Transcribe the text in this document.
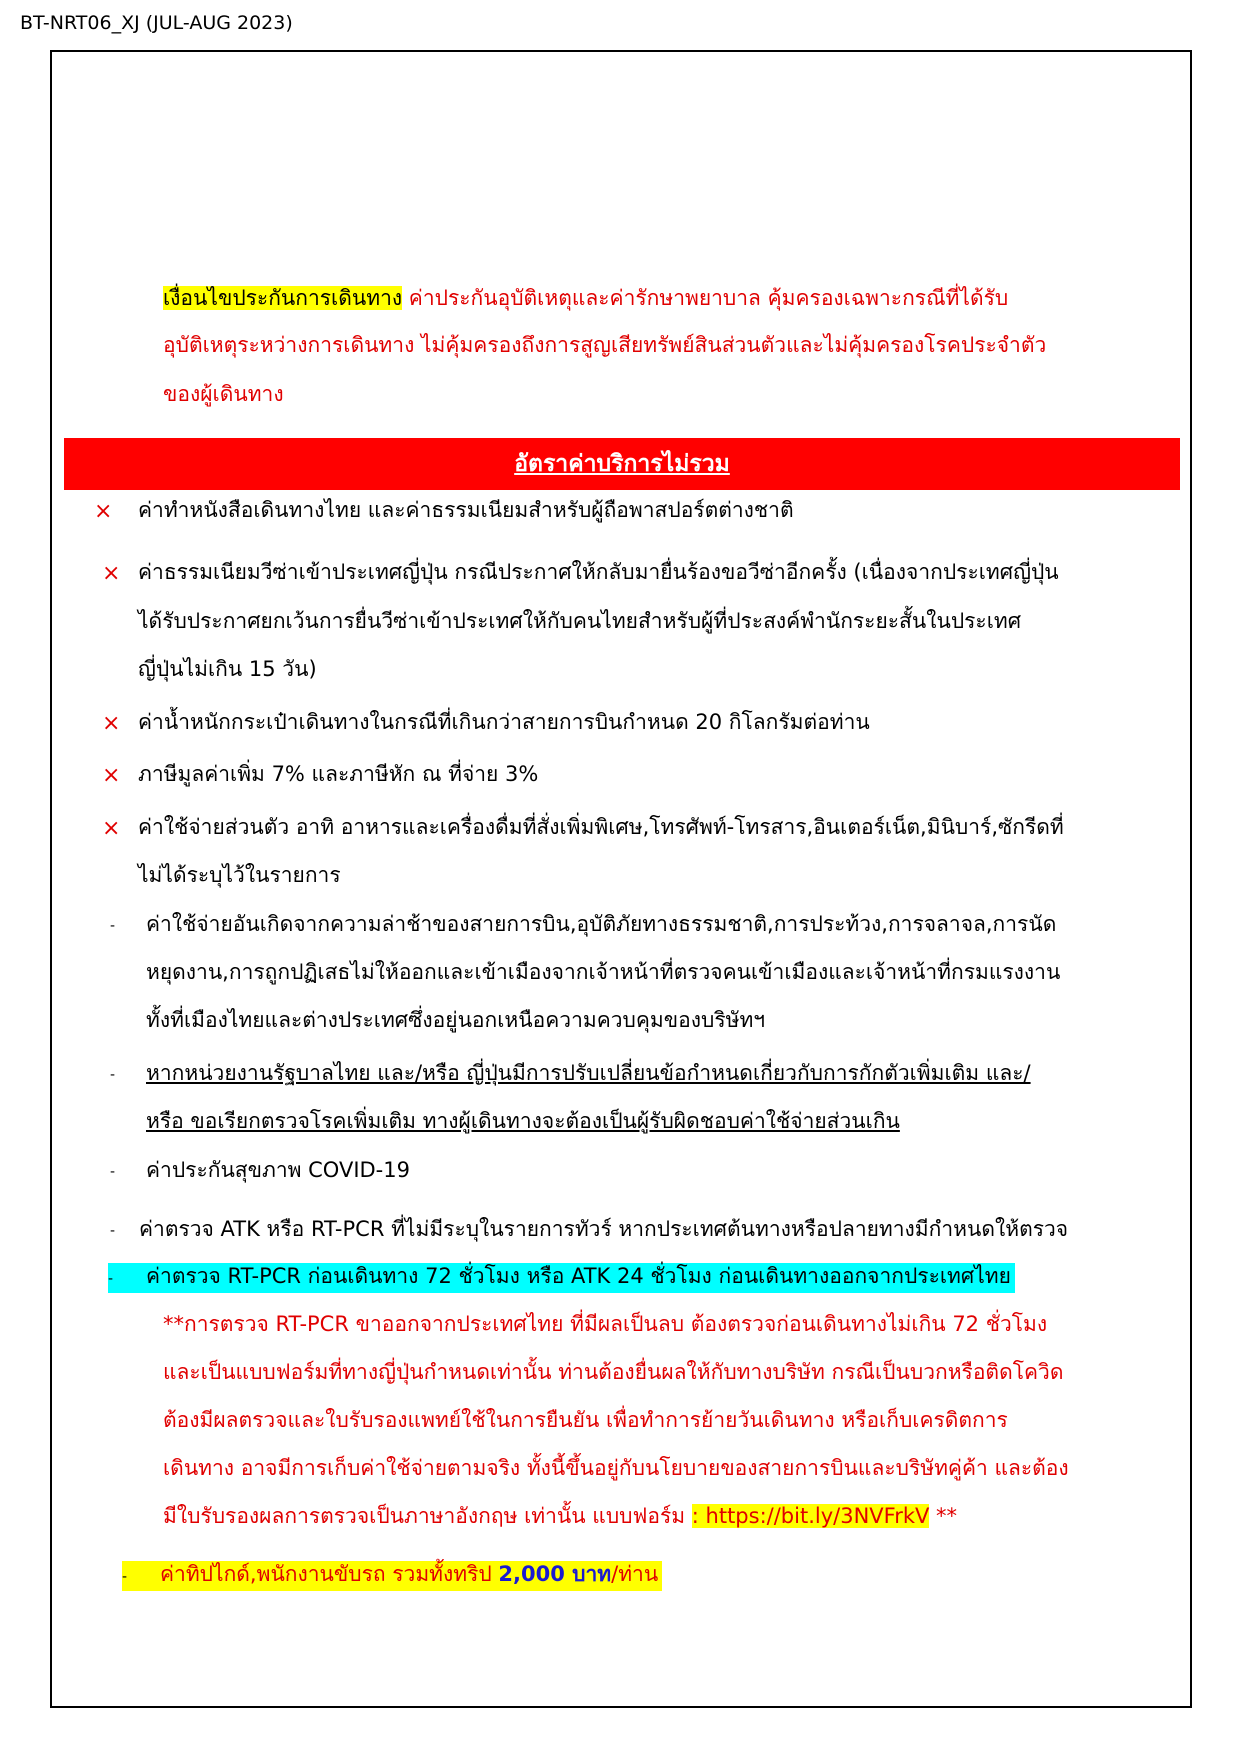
BT-NRT06_XJ (JUL-AUG 2023)
เงื่อนไขประกันการเดินทาง ค่าประกันอุบัติเหตุและค่ารักษาพยาบาล คุ้มครองเฉพาะกรณีที่ได้รับ
อุบัติเหตุระหว่างการเดินทาง ไม่คุ้มครองถึงการสูญเสียทรัพย์สินส่วนตัวและไม่คุ้มครองโรคประจำตัว
ของผู้เดินทาง
อัตราค่าบริการไม่รวม
× ค่าทำหนังสือเดินทางไทย และค่าธรรมเนียมสำหรับผู้ถือพาสปอร์ตต่างชาติ
× ค่าธรรมเนียมวีซ่าเข้าประเทศญี่ปุ่น กรณีประกาศให้กลับมายื่นร้องขอวีซ่าอีกครั้ง (เนื่องจากประเทศญี่ปุ่น
ได้รับประกาศยกเว้นการยื่นวีซ่าเข้าประเทศให้กับคนไทยสำหรับผู้ที่ประสงค์พำนักระยะสั้นในประเทศ
ญี่ปุ่นไม่เกิน 15 วัน)
× ค่าน้ำหนักกระเป๋าเดินทางในกรณีที่เกินกว่าสายการบินกำหนด 20 กิโลกรัมต่อท่าน
× ภาษีมูลค่าเพิ่ม 7% และภาษีหัก ณ ที่จ่าย 3%
× ค่าใช้จ่ายส่วนตัว อาทิ อาหารและเครื่องดื่มที่สั่งเพิ่มพิเศษ,โทรศัพท์-โทรสาร,อินเตอร์เน็ต,มินิบาร์,ซักรีดที่
ไม่ได้ระบุไว้ในรายการ
- ค่าใช้จ่ายอันเกิดจากความล่าช้าของสายการบิน,อุบัติภัยทางธรรมชาติ,การประท้วง,การจลาจล,การนัด
หยุดงาน,การถูกปฏิเสธไม่ให้ออกและเข้าเมืองจากเจ้าหน้าที่ตรวจคนเข้าเมืองและเจ้าหน้าที่กรมแรงงาน
ทั้งที่เมืองไทยและต่างประเทศซึ่งอยู่นอกเหนือความควบคุมของบริษัทฯ
- หากหน่วยงานรัฐบาลไทย และ/หรือ ญี่ปุ่นมีการปรับเปลี่ยนข้อกำหนดเกี่ยวกับการกักตัวเพิ่มเติม และ/
หรือ ขอเรียกตรวจโรคเพิ่มเติม ทางผู้เดินทางจะต้องเป็นผู้รับผิดชอบค่าใช้จ่ายส่วนเกิน
- ค่าประกันสุขภาพ COVID-19
- ค่าตรวจ ATK หรือ RT-PCR ที่ไม่มีระบุในรายการทัวร์ หากประเทศต้นทางหรือปลายทางมีกำหนดให้ตรวจ
- ค่าตรวจ RT-PCR ก่อนเดินทาง 72 ชั่วโมง หรือ ATK 24 ชั่วโมง ก่อนเดินทางออกจากประเทศไทย
**การตรวจ RT-PCR ขาออกจากประเทศไทย ที่มีผลเป็นลบ ต้องตรวจก่อนเดินทางไม่เกิน 72 ชั่วโมง
และเป็นแบบฟอร์มที่ทางญี่ปุ่นกำหนดเท่านั้น ท่านต้องยื่นผลให้กับทางบริษัท กรณีเป็นบวกหรือติดโควิด
ต้องมีผลตรวจและใบรับรองแพทย์ใช้ในการยืนยัน เพื่อทำการย้ายวันเดินทาง หรือเก็บเครดิตการ
เดินทาง อาจมีการเก็บค่าใช้จ่ายตามจริง ทั้งนี้ขึ้นอยู่กับนโยบายของสายการบินและบริษัทคู่ค้า และต้อง
มีใบรับรองผลการตรวจเป็นภาษาอังกฤษ เท่านั้น แบบฟอร์ม : https://bit.ly/3NVFrkV **
- ค่าทิปไกด์,พนักงานขับรถ รวมทั้งทริป 2,000 บาท/ท่าน
